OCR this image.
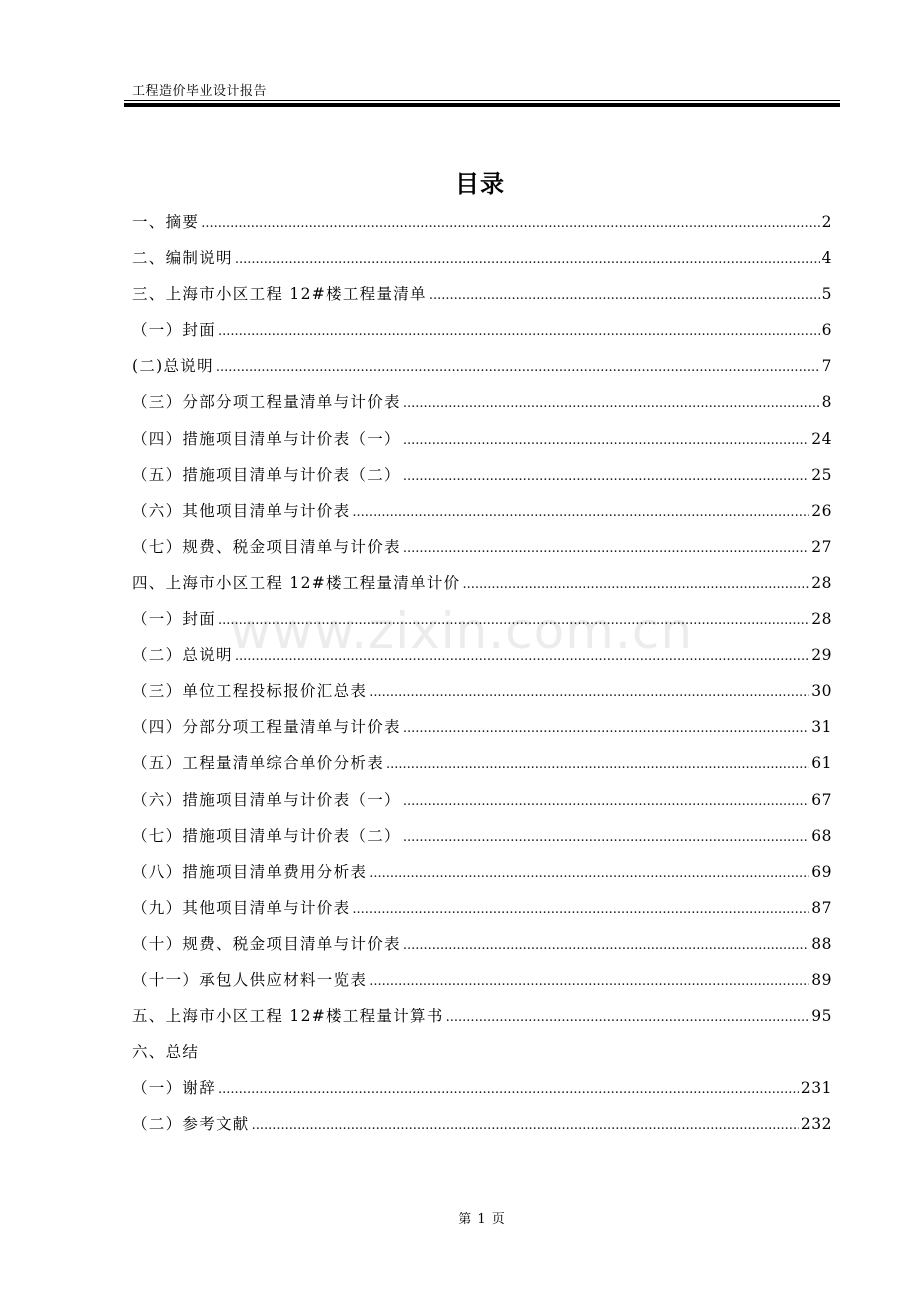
工程造价毕业设计报告
目录
www.zixin.com.cn
一、摘要 .....	2
二、编制说明 .....	4
三、上海市小区工程 12#楼工程量清单 .....	5
（一）封面 .....	6
(二)总说明 .....	7
（三）分部分项工程量清单与计价表 .....	8
（四）措施项目清单与计价表（一） .....	24
（五）措施项目清单与计价表（二） .....	25
（六）其他项目清单与计价表 .....	26
（七）规费、税金项目清单与计价表 .....	27
四、上海市小区工程 12#楼工程量清单计价 .....	28
（一）封面 .....	28
（二）总说明 .....	29
（三）单位工程投标报价汇总表 .....	30
（四）分部分项工程量清单与计价表 .....	31
（五）工程量清单综合单价分析表 .....	61
（六）措施项目清单与计价表（一） .....	67
（七）措施项目清单与计价表（二） .....	68
（八）措施项目清单费用分析表 .....	69
（九）其他项目清单与计价表 .....	87
（十）规费、税金项目清单与计价表 .....	88
（十一）承包人供应材料一览表 .....	89
五、上海市小区工程 12#楼工程量计算书 .....	95
六、总结
（一）谢辞 .....	231
（二）参考文献 .....	232
第 1 页
